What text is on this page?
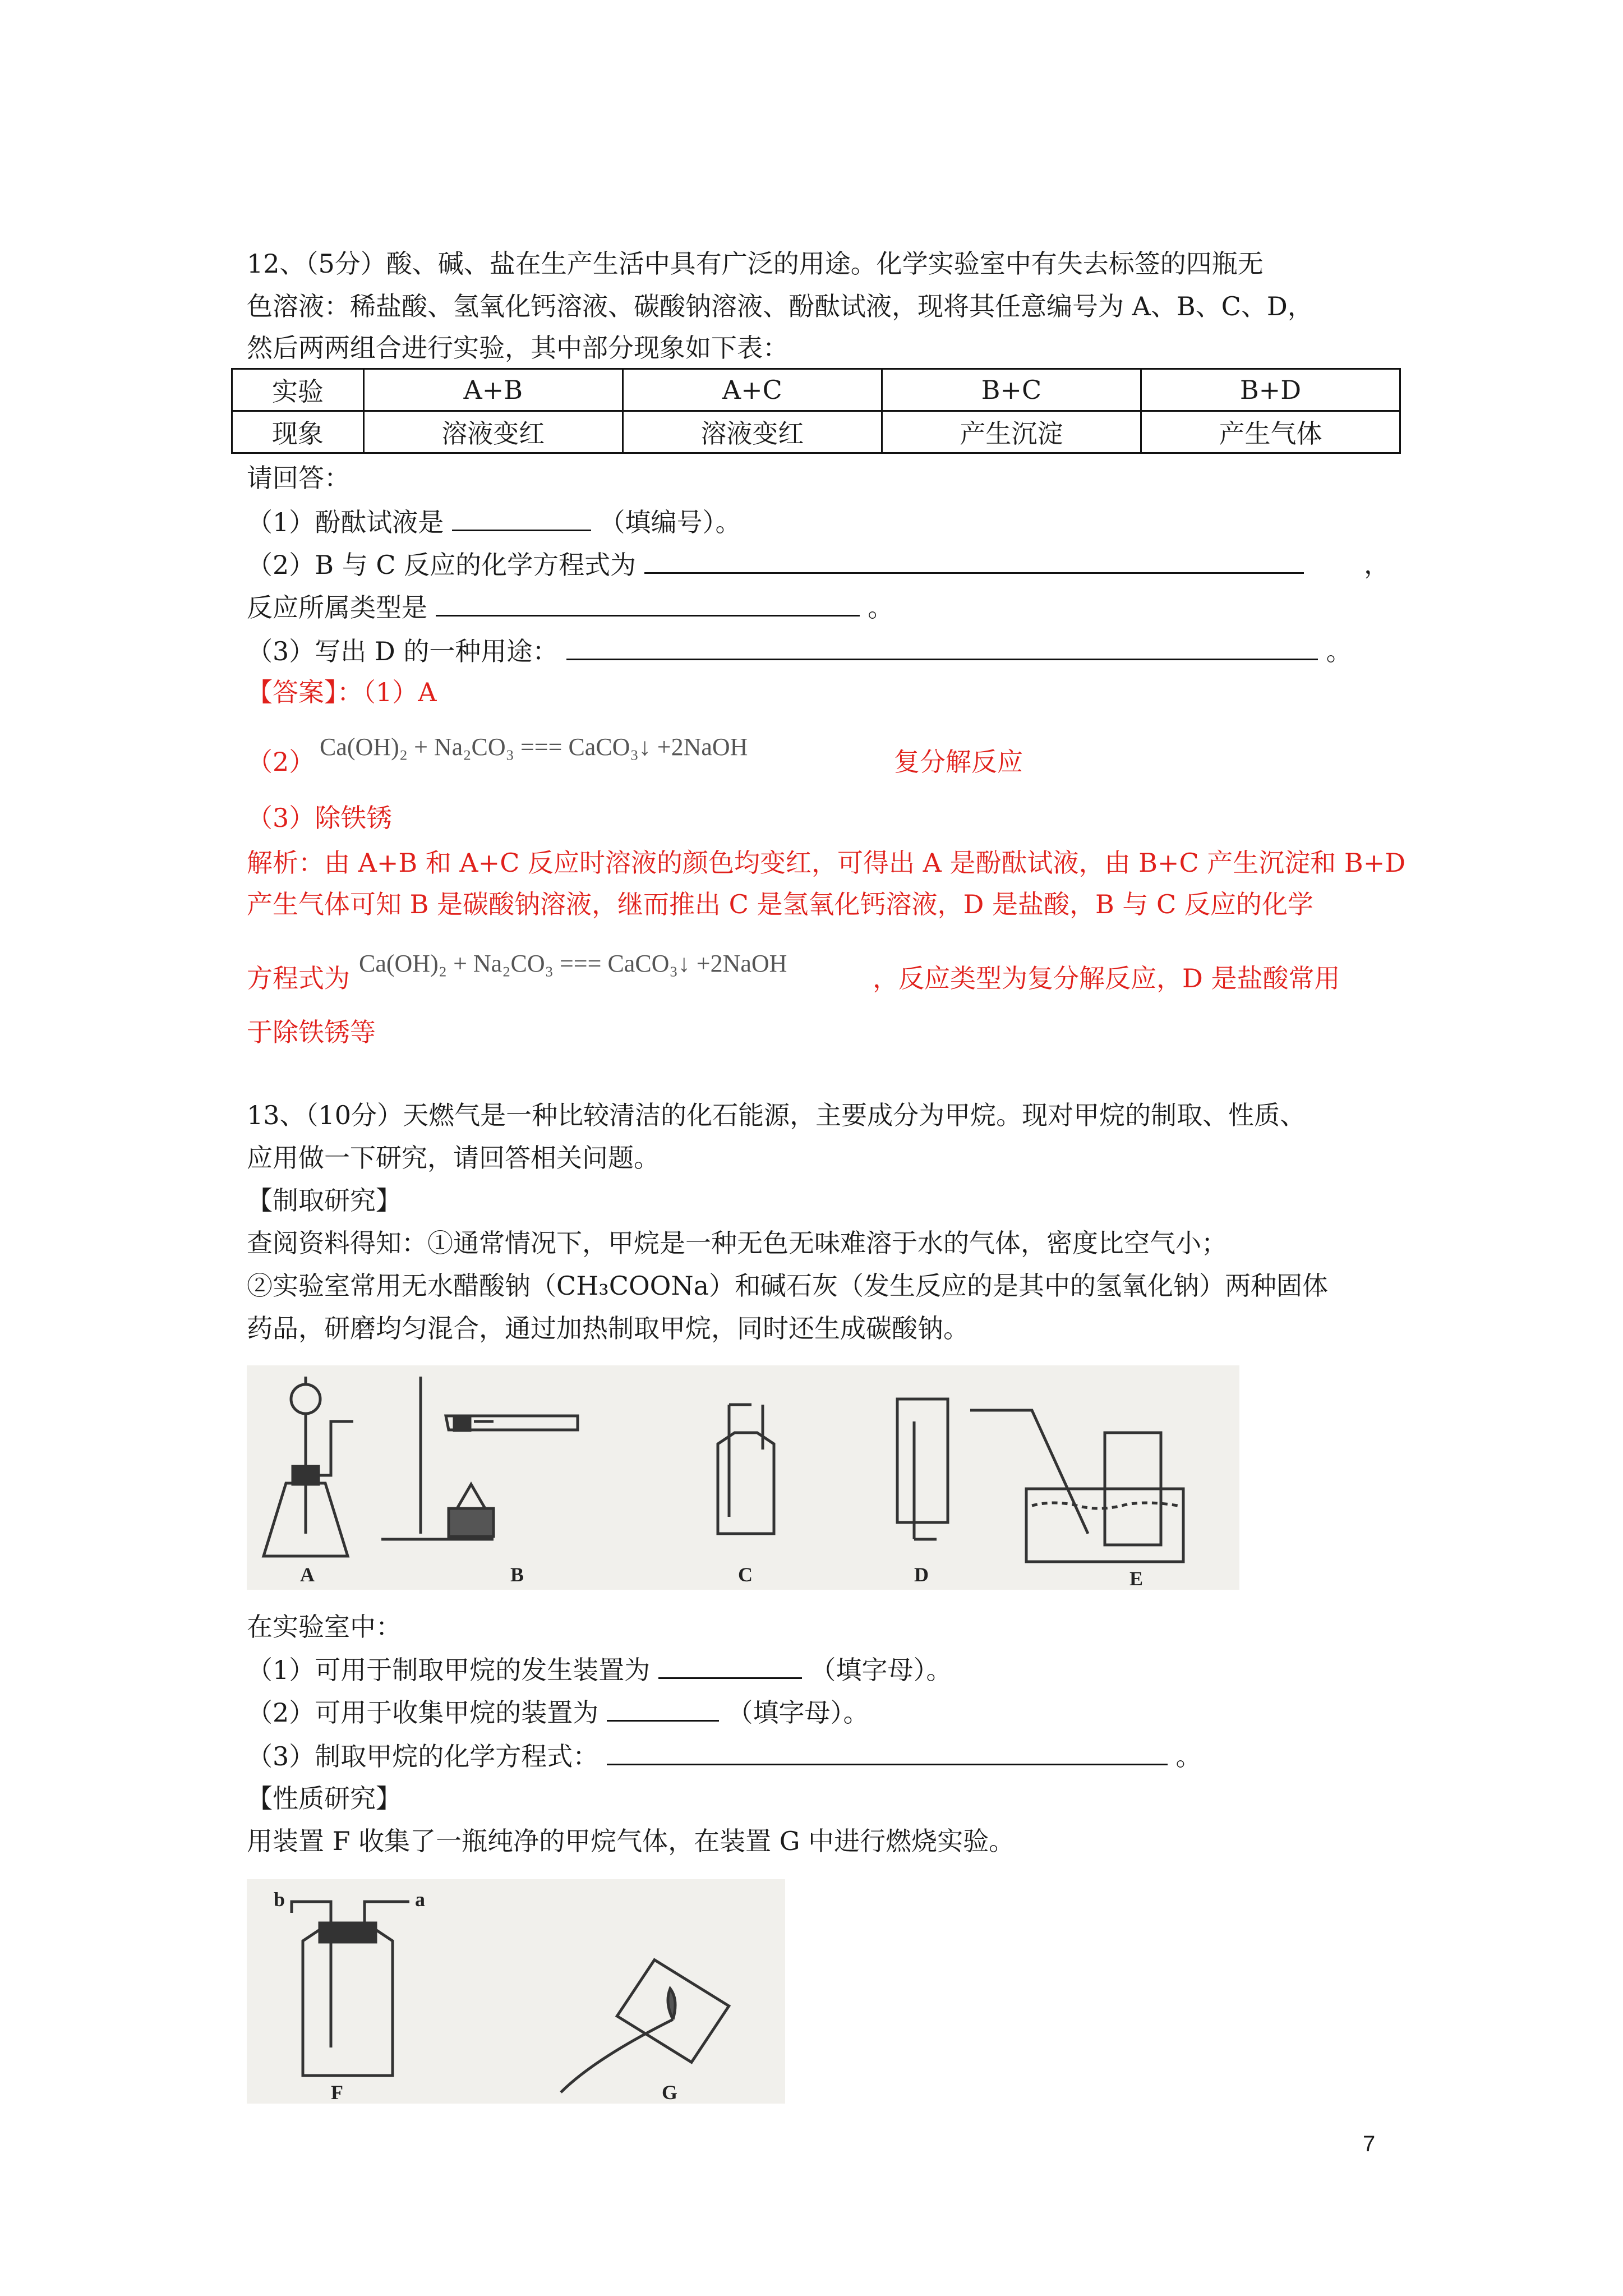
12、（5分）酸、碱、盐在生产生活中具有广泛的用途。化学实验室中有失去标签的四瓶无
色溶液：稀盐酸、氢氧化钙溶液、碳酸钠溶液、酚酞试液，现将其任意编号为 A、B、C、D，
然后两两组合进行实验，其中部分现象如下表：
实验	A+B	A+C	B+C	B+D
现象	溶液变红	溶液变红	产生沉淀	产生气体
请回答：
（1）酚酞试液是	（填编号）。
（2）B 与 C 反应的化学方程式为	，
反应所属类型是	。
（3）写出 D 的一种用途：	。
【答案】：（1）A
（2） Ca(OH)₂ + Na₂CO₃ === CaCO₃↓ +2NaOH	复分解反应
（3）除铁锈
解析：由 A+B 和 A+C 反应时溶液的颜色均变红，可得出 A 是酚酞试液，由 B+C 产生沉淀和 B+D
产生气体可知 B 是碳酸钠溶液，继而推出 C 是氢氧化钙溶液，D 是盐酸，B 与 C 反应的化学
方程式为 Ca(OH)₂ + Na₂CO₃ === CaCO₃↓ +2NaOH	，反应类型为复分解反应，D 是盐酸常用
于除铁锈等
13、（10分）天燃气是一种比较清洁的化石能源，主要成分为甲烷。现对甲烷的制取、性质、
应用做一下研究，请回答相关问题。
【制取研究】
查阅资料得知：①通常情况下，甲烷是一种无色无味难溶于水的气体，密度比空气小；
②实验室常用无水醋酸钠（CH₃COONa）和碱石灰（发生反应的是其中的氢氧化钠）两种固体
药品，研磨均匀混合，通过加热制取甲烷，同时还生成碳酸钠。
A	B	C	D	E
在实验室中：
（1）可用于制取甲烷的发生装置为	（填字母）。
（2）可用于收集甲烷的装置为	（填字母）。
（3）制取甲烷的化学方程式：	。
【性质研究】
用装置 F 收集了一瓶纯净的甲烷气体，在装置 G 中进行燃烧实验。
b	a
F	G
7
